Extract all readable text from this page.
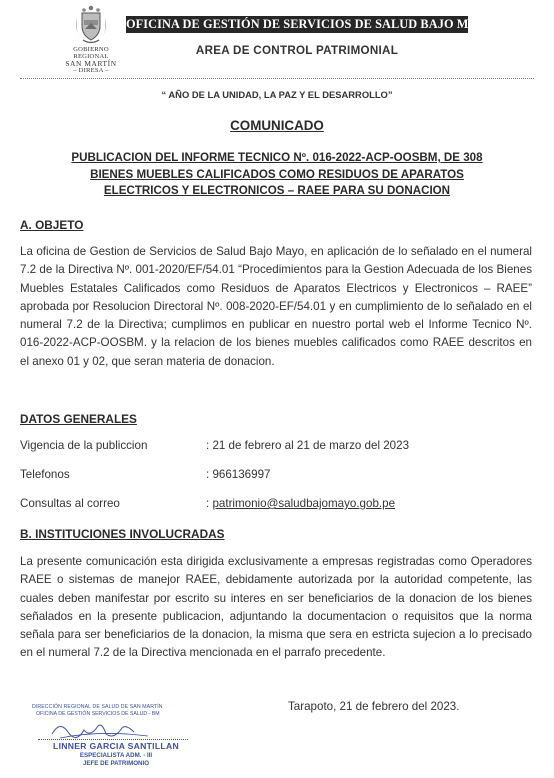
GOBIERNO REGIONAL
SAN MARTÍN
– DIRESA –
OFICINA DE GESTIÓN DE SERVICIOS DE SALUD BAJO MAYO
AREA DE CONTROL PATRIMONIAL
“ AÑO DE LA UNIDAD, LA PAZ Y EL DESARROLLO”
COMUNICADO
PUBLICACION DEL INFORME TECNICO Nº. 016-2022-ACP-OOSBM, DE 308
BIENES MUEBLES CALIFICADOS COMO RESIDUOS DE APARATOS
ELECTRICOS Y ELECTRONICOS – RAEE PARA SU DONACION
A. OBJETO
La oficina de Gestion de Servicios de Salud Bajo Mayo, en aplicación de lo señalado en el numeral 7.2 de la Directiva Nº. 001-2020/EF/54.01 “Procedimientos para la Gestion Adecuada de los Bienes Muebles Estatales Calificados como Residuos de Aparatos Electricos y Electronicos – RAEE” aprobada por Resolucion Directoral Nº. 008-2020-EF/54.01 y en cumplimiento de lo señalado en el numeral 7.2 de la Directiva; cumplimos en publicar en nuestro portal web el Informe Tecnico Nº. 016-2022-ACP-OOSBM. y la relacion de los bienes muebles calificados como RAEE descritos en el anexo 01 y 02, que seran materia de donacion.
DATOS GENERALES
Vigencia de la publiccion	: 21 de febrero al 21 de marzo del 2023
Telefonos	: 966136997
Consultas al correo	: patrimonio@saludbajomayo.gob.pe
B. INSTITUCIONES INVOLUCRADAS
La presente comunicación esta dirigida exclusivamente a empresas registradas como Operadores RAEE o sistemas de manejor RAEE, debidamente autorizada por la autoridad competente, las cuales deben manifestar por escrito su interes en ser beneficiarios de la donacion de los bienes señalados en la presente publicacion, adjuntando la documentacion o requisitos que la norma señala para ser beneficiarios de la donacion, la misma que sera en estricta sujecion a lo precisado en el numeral 7.2 de la Directiva mencionada en el parrafo precedente.
Tarapoto, 21 de febrero del 2023.
DIRECCIÓN REGIONAL DE SALUD DE SAN MARTÍN
OFICINA DE GESTIÓN SERVICIOS DE SALUD - BM
LINNER GARCIA SANTILLAN
ESPECIALISTA ADM. - III
JEFE DE PATRIMONIO
